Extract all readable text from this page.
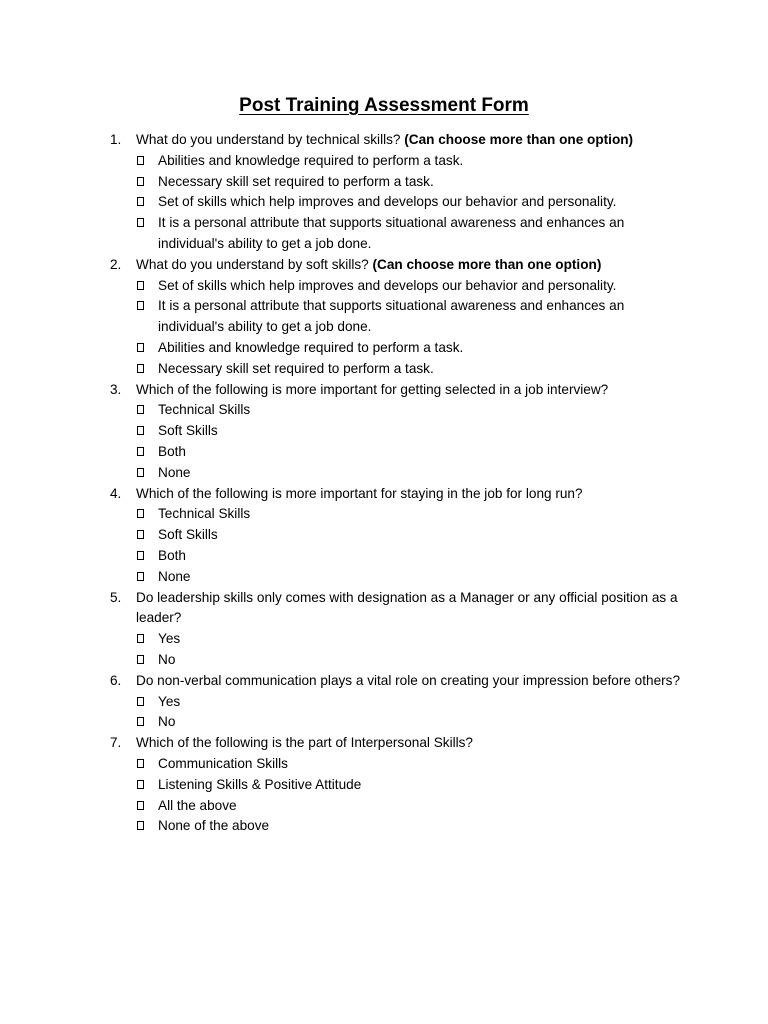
Post Training Assessment Form
1.	What do you understand by technical skills? (Can choose more than one option)
Abilities and knowledge required to perform a task.
Necessary skill set required to perform a task.
Set of skills which help improves and develops our behavior and personality.
It is a personal attribute that supports situational awareness and enhances an individual's ability to get a job done.
2.	What do you understand by soft skills? (Can choose more than one option)
Set of skills which help improves and develops our behavior and personality.
It is a personal attribute that supports situational awareness and enhances an individual's ability to get a job done.
Abilities and knowledge required to perform a task.
Necessary skill set required to perform a task.
3.	Which of the following is more important for getting selected in a job interview?
Technical Skills
Soft Skills
Both
None
4.	Which of the following is more important for staying in the job for long run?
Technical Skills
Soft Skills
Both
None
5.	Do leadership skills only comes with designation as a Manager or any official position as a leader?
Yes
No
6.	Do non-verbal communication plays a vital role on creating your impression before others?
Yes
No
7.	Which of the following is the part of Interpersonal Skills?
Communication Skills
Listening Skills & Positive Attitude
All the above
None of the above
